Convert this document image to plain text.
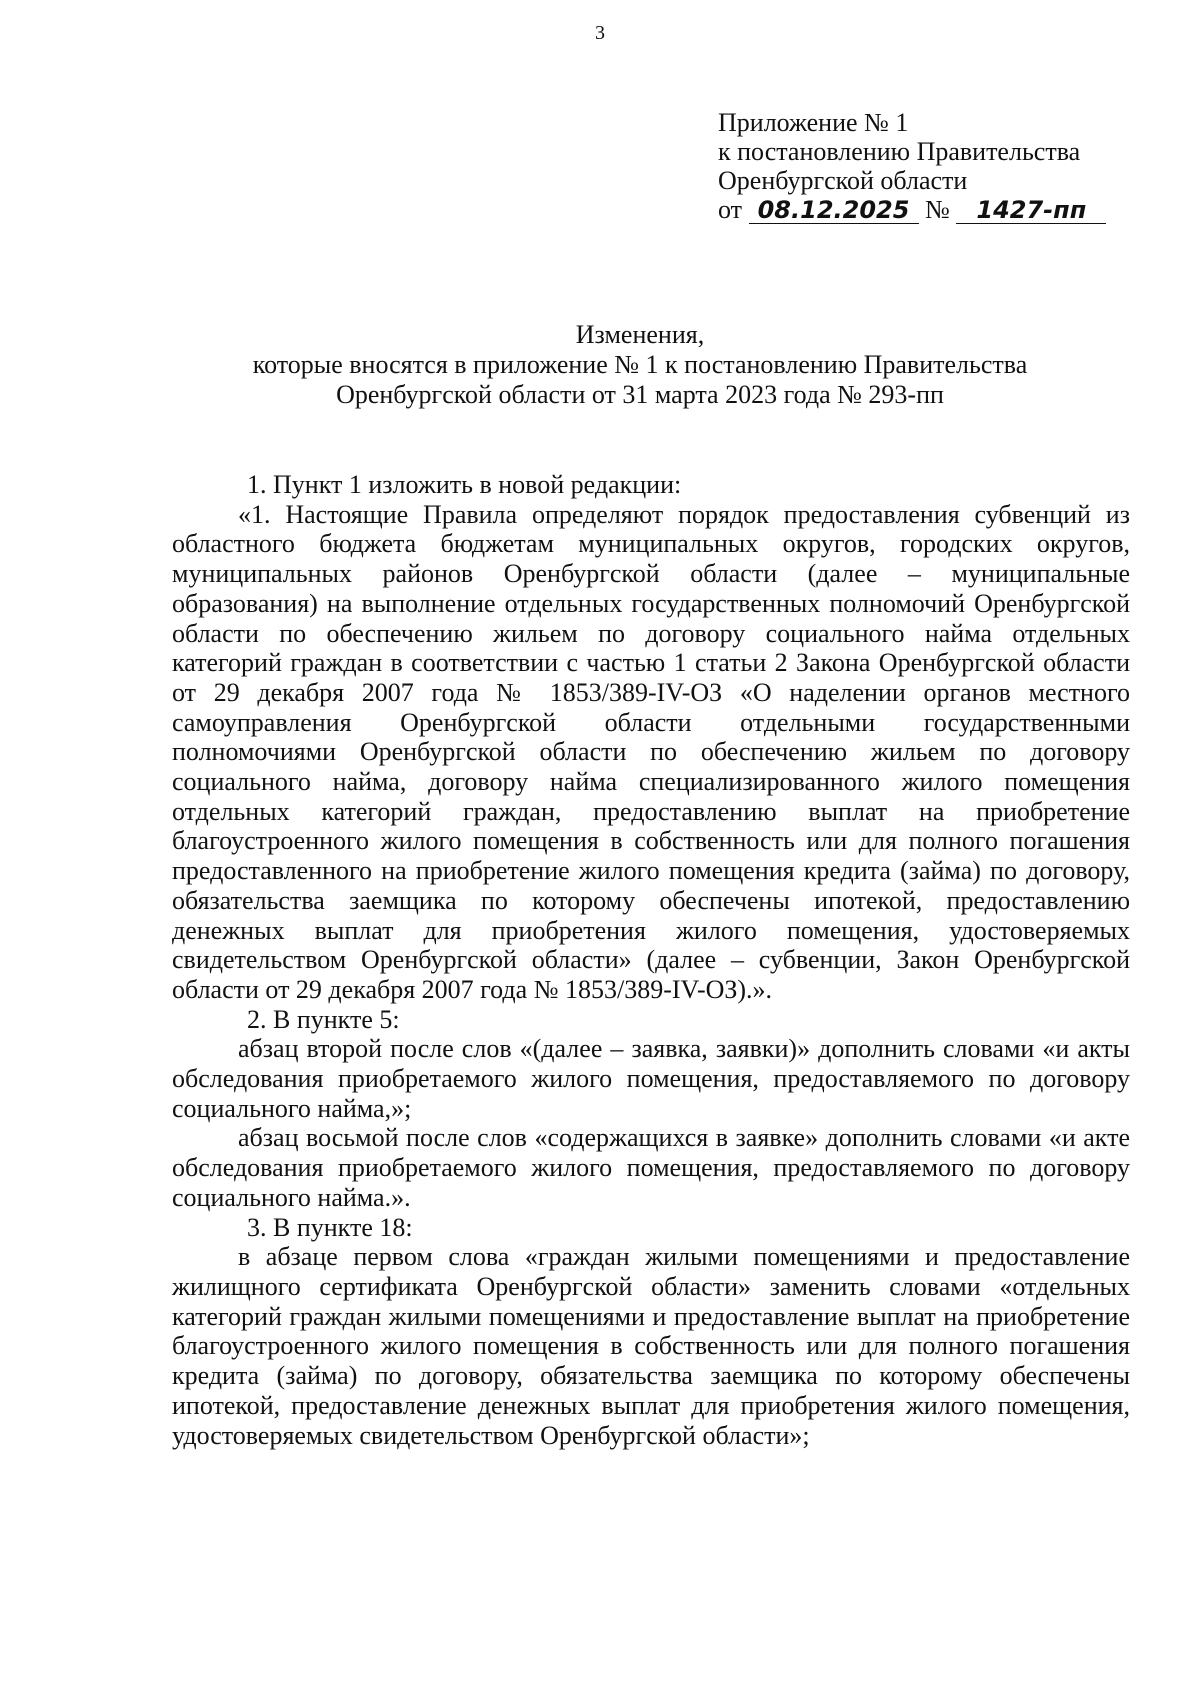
3
Приложение № 1
к постановлению Правительства
Оренбургской области
от 08.12.2025 № 1427-пп
Изменения,
которые вносятся в приложение № 1 к постановлению Правительства
Оренбургской области от 31 марта 2023 года № 293-пп

1. Пункт 1 изложить в новой редакции:

«1. Настоящие Правила определяют порядок предоставления субвенций из областного бюджета бюджетам муниципальных округов, городских округов, муниципальных районов Оренбургской области (далее – муниципальные образования) на выполнение отдельных государственных полномочий Оренбургской области по обеспечению жильем по договору социального найма отдельных категорий граждан в соответствии с частью 1 статьи 2 Закона Оренбургской области от 29 декабря 2007 года № 1853/389-IV-ОЗ «О наделении органов местного самоуправления Оренбургской области отдельными государственными полномочиями Оренбургской области по обеспечению жильем по договору социального найма, договору найма специализированного жилого помещения отдельных категорий граждан, предоставлению выплат на приобретение благоустроенного жилого помещения в собственность или для полного погашения предоставленного на приобретение жилого помещения кредита (займа) по договору, обязательства заемщика по которому обеспечены ипотекой, предоставлению денежных выплат для приобретения жилого помещения, удостоверяемых свидетельством Оренбургской области» (далее – субвенции, Закон Оренбургской области от 29 декабря 2007 года № 1853/389-IV-ОЗ).».

2. В пункте 5:

абзац второй после слов «(далее – заявка, заявки)» дополнить словами «и акты обследования приобретаемого жилого помещения, предоставляемого по договору социального найма,»;

абзац восьмой после слов «содержащихся в заявке» дополнить словами «и акте обследования приобретаемого жилого помещения, предоставляемого по договору социального найма.».

3. В пункте 18:

в абзаце первом слова «граждан жилыми помещениями и предоставление жилищного сертификата Оренбургской области» заменить словами «отдельных категорий граждан жилыми помещениями и предоставление выплат на приобретение благоустроенного жилого помещения в собственность или для полного погашения кредита (займа) по договору, обязательства заемщика по которому обеспечены ипотекой, предоставление денежных выплат для приобретения жилого помещения, удостоверяемых свидетельством Оренбургской области»;
